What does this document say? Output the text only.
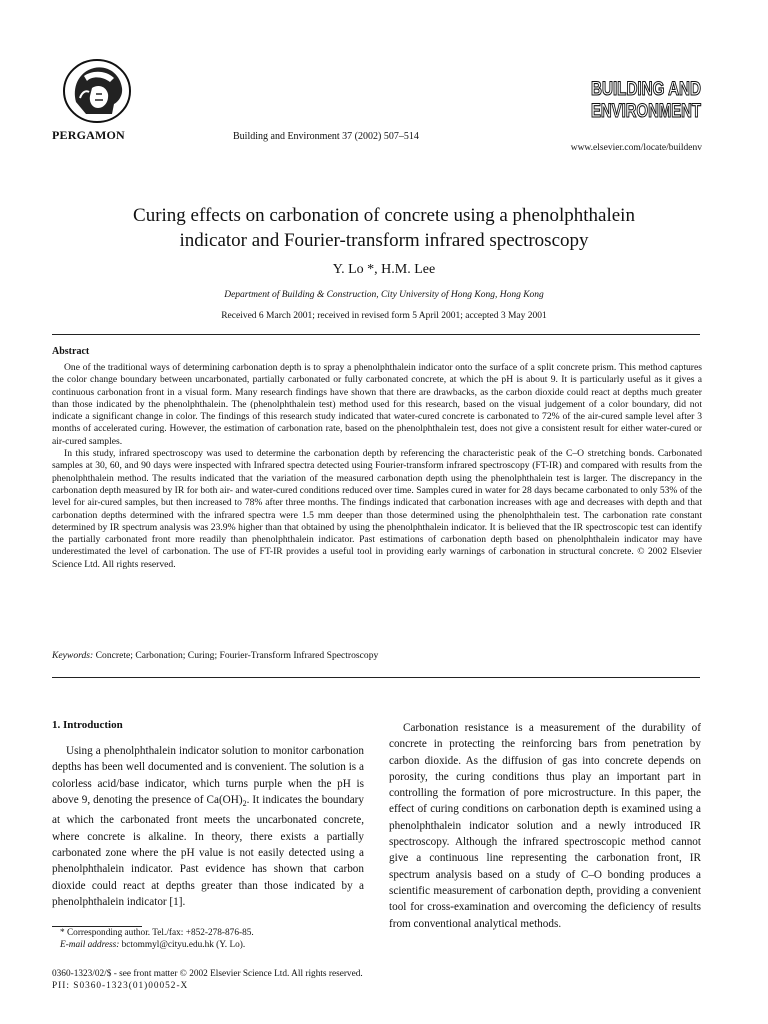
PERGAMON	Building and Environment 37 (2002) 507–514
BUILDING AND
ENVIRONMENT
www.elsevier.com/locate/buildenv
Curing effects on carbonation of concrete using a phenolphthalein
indicator and Fourier-transform infrared spectroscopy
Y. Lo *, H.M. Lee
Department of Building & Construction, City University of Hong Kong, Hong Kong
Received 6 March 2001; received in revised form 5 April 2001; accepted 3 May 2001
Abstract

One of the traditional ways of determining carbonation depth is to spray a phenolphthalein indicator onto the surface of a split concrete prism. This method captures the color change boundary between uncarbonated, partially carbonated or fully carbonated concrete, at which the pH is about 9. It is particularly useful as it gives a continuous carbonation front in a visual form. Many research findings have shown that there are drawbacks, as the carbon dioxide could react at depths much greater than those indicated by the phenolphthalein. The (phenolphthalein test) method used for this research, based on the visual judgement of a color boundary, did not indicate a significant change in color. The findings of this research study indicated that water-cured concrete is carbonated to 72% of the air-cured sample level after 3 months of accelerated curing. However, the estimation of carbonation rate, based on the phenolphthalein test, does not give a consistent result for either water-cured or air-cured samples.

In this study, infrared spectroscopy was used to determine the carbonation depth by referencing the characteristic peak of the C–O stretching bonds. Carbonated samples at 30, 60, and 90 days were inspected with Infrared spectra detected using Fourier-transform infrared spectroscopy (FT-IR) and compared with results from the phenolphthalein method. The results indicated that the variation of the measured carbonation depth using the phenolphthalein test is larger. The discrepancy in the carbonation depth measured by IR for both air- and water-cured conditions reduced over time. Samples cured in water for 28 days became carbonated to only 53% of the level for air-cured samples, but then increased to 78% after three months. The findings indicated that carbonation increases with age and decreases with depth and that carbonation depths determined with the infrared spectra were 1.5 mm deeper than those determined using the phenolphthalein test. The carbonation rate constant determined by IR spectrum analysis was 23.9% higher than that obtained by using the phenolphthalein indicator. It is believed that the IR spectroscopic test can identify the partially carbonated front more readily than phenolphthalein indicator. Past estimations of carbonation depth based on phenolphthalein indicator may have underestimated the level of carbonation. The use of FT-IR provides a useful tool in providing early warnings of carbonation in structural concrete. © 2002 Elsevier Science Ltd. All rights reserved.

Keywords: Concrete; Carbonation; Curing; Fourier-Transform Infrared Spectroscopy
1. Introduction

Using a phenolphthalein indicator solution to monitor carbonation depths has been well documented and is convenient. The solution is a colorless acid/base indicator, which turns purple when the pH is above 9, denoting the presence of $Ca(OH)_2$. It indicates the boundary at which the carbonated front meets the uncarbonated concrete, where concrete is alkaline. In theory, there exists a partially carbonated zone where the pH value is not easily detected using a phenolphthalein indicator. Past evidence has shown that carbon dioxide could react at depths greater than those indicated by a phenolphthalein indicator [1].

Carbonation resistance is a measurement of the durability of concrete in protecting the reinforcing bars from penetration by carbon dioxide. As the diffusion of gas into concrete depends on porosity, the curing conditions thus play an important part in controlling the formation of pore microstructure. In this paper, the effect of curing conditions on carbonation depth is examined using a phenolphthalein indicator solution and a newly introduced IR spectroscopy. Although the infrared spectroscopic method cannot give a continuous line representing the carbonation front, IR spectrum analysis based on a study of C–O bonding produces a scientific measurement of carbonation depth, providing a convenient tool for cross-examination and overcoming the deficiency of results from conventional analytical methods.

* Corresponding author. Tel./fax: +852-278-876-85.
E-mail address: bctommyl@cityu.edu.hk (Y. Lo).
0360-1323/02/$ - see front matter © 2002 Elsevier Science Ltd. All rights reserved.
PII: S0360-1323(01)00052-X
